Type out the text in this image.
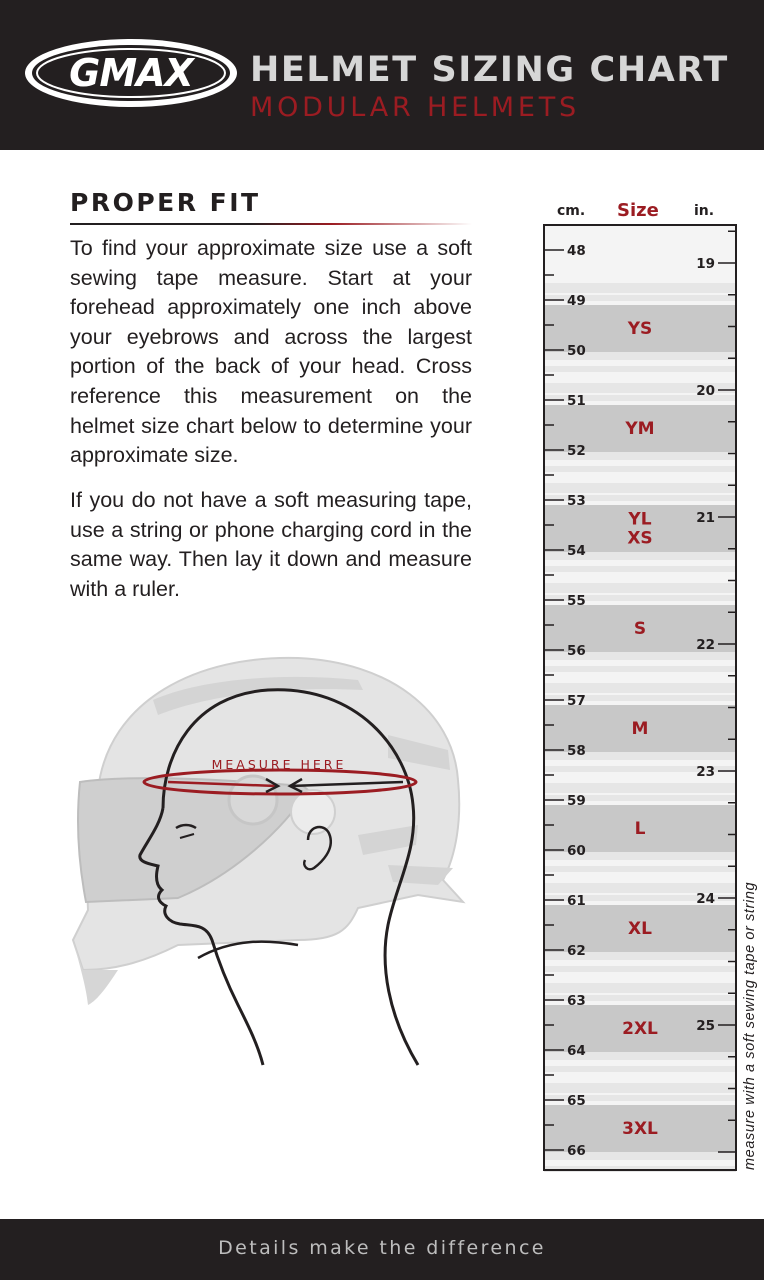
GMAX HELMET SIZING CHART
MODULAR HELMETS
PROPER FIT

To find your approximate size use a soft sewing tape measure. Start at your forehead approximately one inch above your eyebrows and across the largest portion of the back of your head. Cross reference this measurement on the helmet size chart below to determine your approximate size.

If you do not have a soft measuring tape, use a string or phone charging cord in the same way. Then lay it down and measure with a ruler.

MEASURE HERE
cm. Size	in.
48
49
50
51
52
53
54
55
56
57
58
59
60
61
62
63
64
65
66
19
20
21
22
23
24
25
YS
YM
YL
XS
S
M
L
XL
2XL
3XL	measure with a soft sewing tape or string
Details make the difference
